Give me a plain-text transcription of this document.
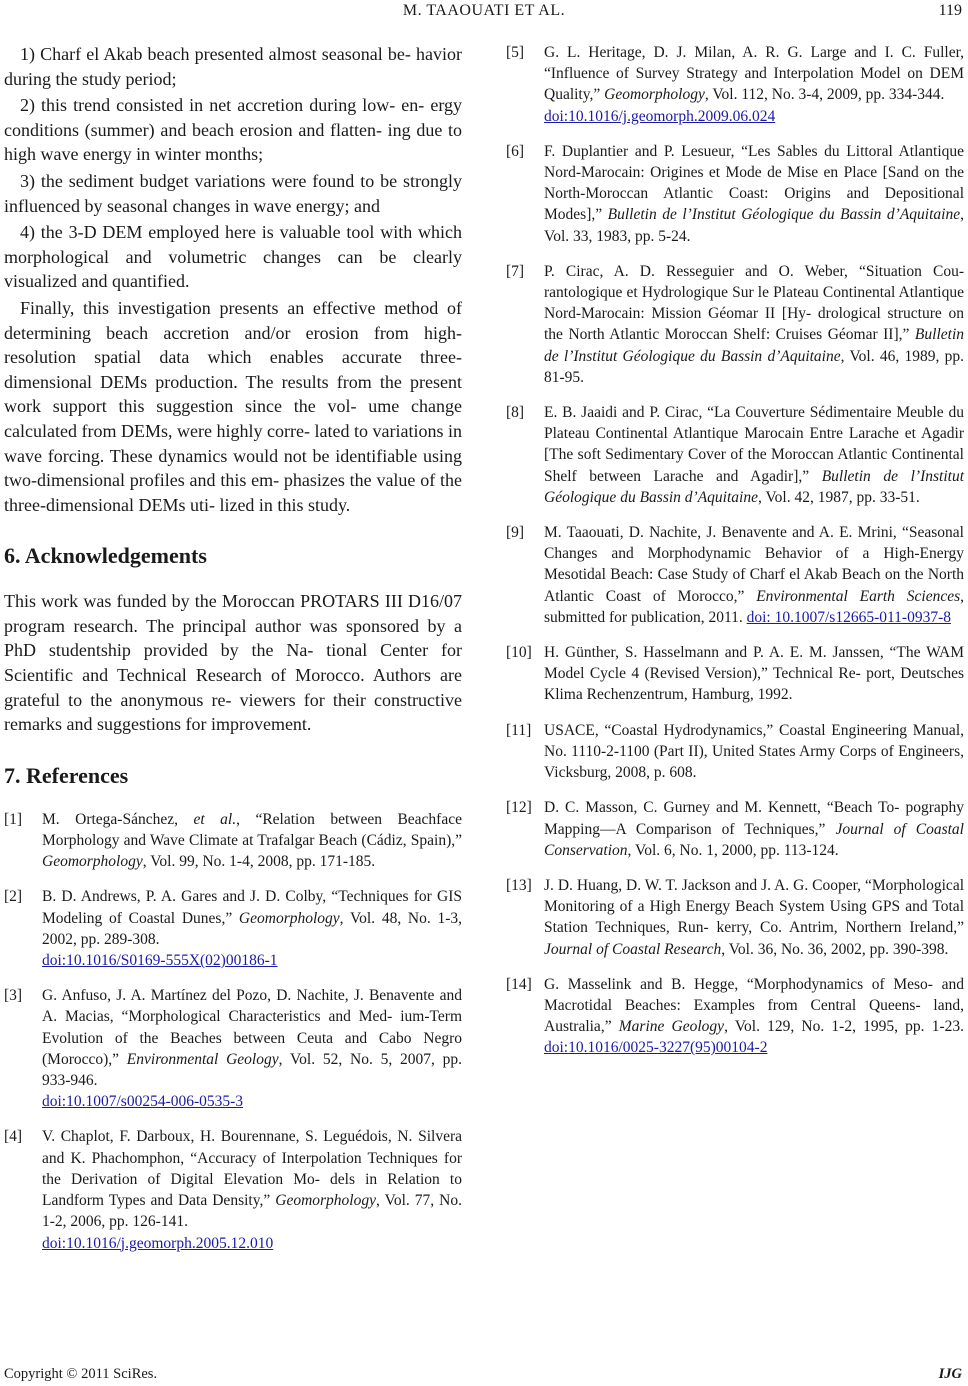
M. TAAOUATI ET AL.	119

1) Charf el Akab beach presented almost seasonal be- havior during the study period;

2) this trend consisted in net accretion during low- en- ergy conditions (summer) and beach erosion and flatten- ing due to high wave energy in winter months;

3) the sediment budget variations were found to be strongly influenced by seasonal changes in wave energy; and

4) the 3-D DEM employed here is valuable tool with which morphological and volumetric changes can be clearly visualized and quantified.

Finally, this investigation presents an effective method of determining beach accretion and/or erosion from high-resolution spatial data which enables accurate three-dimensional DEMs production. The results from the present work support this suggestion since the vol- ume change calculated from DEMs, were highly corre- lated to variations in wave forcing. These dynamics would not be identifiable using two-dimensional profiles and this em- phasizes the value of the three-dimensional DEMs uti- lized in this study.

6. Acknowledgements

This work was funded by the Moroccan PROTARS III D16/07 program research. The principal author was sponsored by a PhD studentship provided by the Na- tional Center for Scientific and Technical Research of Morocco. Authors are grateful to the anonymous re- viewers for their constructive remarks and suggestions for improvement.

7. References
[1]	M. Ortega-Sánchez, et al., “Relation between Beachface Morphology and Wave Climate at Trafalgar Beach (Cádiz, Spain),” Geomorphology, Vol. 99, No. 1-4, 2008, pp. 171-185.
[2]	B. D. Andrews, P. A. Gares and J. D. Colby, “Techniques for GIS Modeling of Coastal Dunes,” Geomorphology, Vol. 48, No. 1-3, 2002, pp. 289-308.
doi:10.1016/S0169-555X(02)00186-1
[3]	G. Anfuso, J. A. Martínez del Pozo, D. Nachite, J. Benavente and A. Macias, “Morphological Characteristics and Med- ium-Term Evolution of the Beaches between Ceuta and Cabo Negro (Morocco),” Environmental Geology, Vol. 52, No. 5, 2007, pp. 933-946.
doi:10.1007/s00254-006-0535-3
[4]	V. Chaplot, F. Darboux, H. Bourennane, S. Leguédois, N. Silvera and K. Phachomphon, “Accuracy of Interpolation Techniques for the Derivation of Digital Elevation Mo- dels in Relation to Landform Types and Data Density,” Geomorphology, Vol. 77, No. 1-2, 2006, pp. 126-141.
doi:10.1016/j.geomorph.2005.12.010
[5]	G. L. Heritage, D. J. Milan, A. R. G. Large and I. C. Fuller, “Influence of Survey Strategy and Interpolation Model on DEM Quality,” Geomorphology, Vol. 112, No. 3-4, 2009, pp. 334-344.
doi:10.1016/j.geomorph.2009.06.024
[6]	F. Duplantier and P. Lesueur, “Les Sables du Littoral Atlantique Nord-Marocain: Origines et Mode de Mise en Place [Sand on the North-Moroccan Atlantic Coast: Origins and Depositional Modes],” Bulletin de l’Institut Géologique du Bassin d’Aquitaine, Vol. 33, 1983, pp. 5-24.
[7]	P. Cirac, A. D. Resseguier and O. Weber, “Situation Cou- rantologique et Hydrologique Sur le Plateau Continental Atlantique Nord-Marocain: Mission Géomar II [Hy- drological structure on the North Atlantic Moroccan Shelf: Cruises Géomar II],” Bulletin de l’Institut Géologique du Bassin d’Aquitaine, Vol. 46, 1989, pp. 81-95.
[8]	E. B. Jaaidi and P. Cirac, “La Couverture Sédimentaire Meuble du Plateau Continental Atlantique Marocain Entre Larache et Agadir [The soft Sedimentary Cover of the Moroccan Atlantic Continental Shelf between Larache and Agadir],” Bulletin de l’Institut Géologique du Bassin d’Aquitaine, Vol. 42, 1987, pp. 33-51.
[9]	M. Taaouati, D. Nachite, J. Benavente and A. E. Mrini, “Seasonal Changes and Morphodynamic Behavior of a High-Energy Mesotidal Beach: Case Study of Charf el Akab Beach on the North Atlantic Coast of Morocco,” Environmental Earth Sciences, submitted for publication, 2011. doi: 10.1007/s12665-011-0937-8
[10] H. Günther, S. Hasselmann and P. A. E. M. Janssen, “The WAM Model Cycle 4 (Revised Version),” Technical Re- port, Deutsches Klima Rechenzentrum, Hamburg, 1992.
[11] USACE, “Coastal Hydrodynamics,” Coastal Engineering Manual, No. 1110-2-1100 (Part II), United States Army Corps of Engineers, Vicksburg, 2008, p. 608.
[12] D. C. Masson, C. Gurney and M. Kennett, “Beach To- pography Mapping—A Comparison of Techniques,” Journal of Coastal Conservation, Vol. 6, No. 1, 2000, pp. 113-124.
[13] J. D. Huang, D. W. T. Jackson and J. A. G. Cooper, “Morphological Monitoring of a High Energy Beach System Using GPS and Total Station Techniques, Run- kerry, Co. Antrim, Northern Ireland,” Journal of Coastal Research, Vol. 36, No. 36, 2002, pp. 390-398.
[14] G. Masselink and B. Hegge, “Morphodynamics of Meso- and Macrotidal Beaches: Examples from Central Queens- land, Australia,” Marine Geology, Vol. 129, No. 1-2, 1995, pp. 1-23. doi:10.1016/0025-3227(95)00104-2
Copyright © 2011 SciRes.	IJG
